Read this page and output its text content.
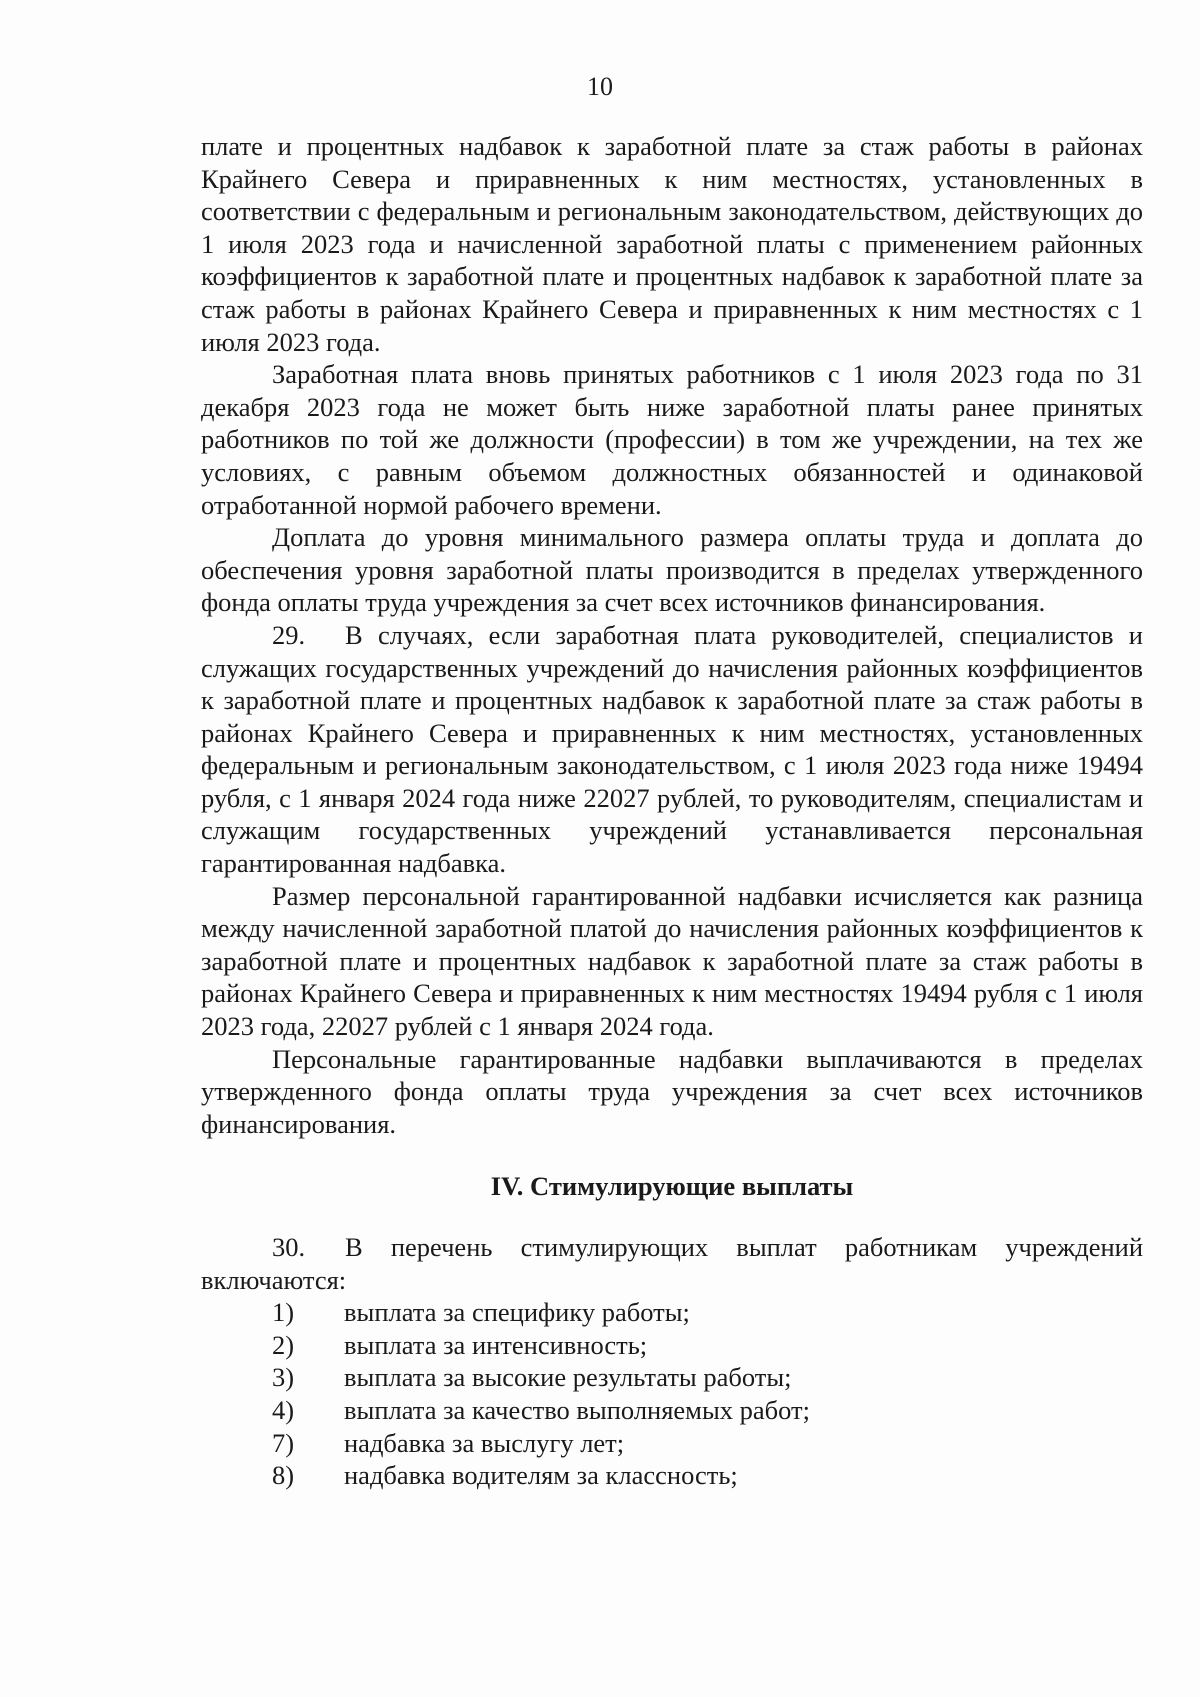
10

плате и процентных надбавок к заработной плате за стаж работы в районах Крайнего Севера и приравненных к ним местностях, установленных в соответствии с федеральным и региональным законодательством, действующих до 1 июля 2023 года и начисленной заработной платы с применением районных коэффициентов к заработной плате и процентных надбавок к заработной плате за стаж работы в районах Крайнего Севера и приравненных к ним местностях с 1 июля 2023 года.

Заработная плата вновь принятых работников с 1 июля 2023 года по 31 декабря 2023 года не может быть ниже заработной платы ранее принятых работников по той же должности (профессии) в том же учреждении, на тех же условиях, с равным объемом должностных обязанностей и одинаковой отработанной нормой рабочего времени.

Доплата до уровня минимального размера оплаты труда и доплата до обеспечения уровня заработной платы производится в пределах утвержденного фонда оплаты труда учреждения за счет всех источников финансирования.

29. В случаях, если заработная плата руководителей, специалистов и служащих государственных учреждений до начисления районных коэффициентов к заработной плате и процентных надбавок к заработной плате за стаж работы в районах Крайнего Севера и приравненных к ним местностях, установленных федеральным и региональным законодательством, с 1 июля 2023 года ниже 19494 рубля, с 1 января 2024 года ниже 22027 рублей, то руководителям, специалистам и служащим государственных учреждений устанавливается персональная гарантированная надбавка.

Размер персональной гарантированной надбавки исчисляется как разница между начисленной заработной платой до начисления районных коэффициентов к заработной плате и процентных надбавок к заработной плате за стаж работы в районах Крайнего Севера и приравненных к ним местностях 19494 рубля с 1 июля 2023 года, 22027 рублей с 1 января 2024 года.

Персональные гарантированные надбавки выплачиваются в пределах утвержденного фонда оплаты труда учреждения за счет всех источников финансирования.

IV. Стимулирующие выплаты

30. В перечень стимулирующих выплат работникам учреждений включаются:

1) выплата за специфику работы;
2) выплата за интенсивность;
3) выплата за высокие результаты работы;
4) выплата за качество выполняемых работ;
7) надбавка за выслугу лет;
8) надбавка водителям за классность;
